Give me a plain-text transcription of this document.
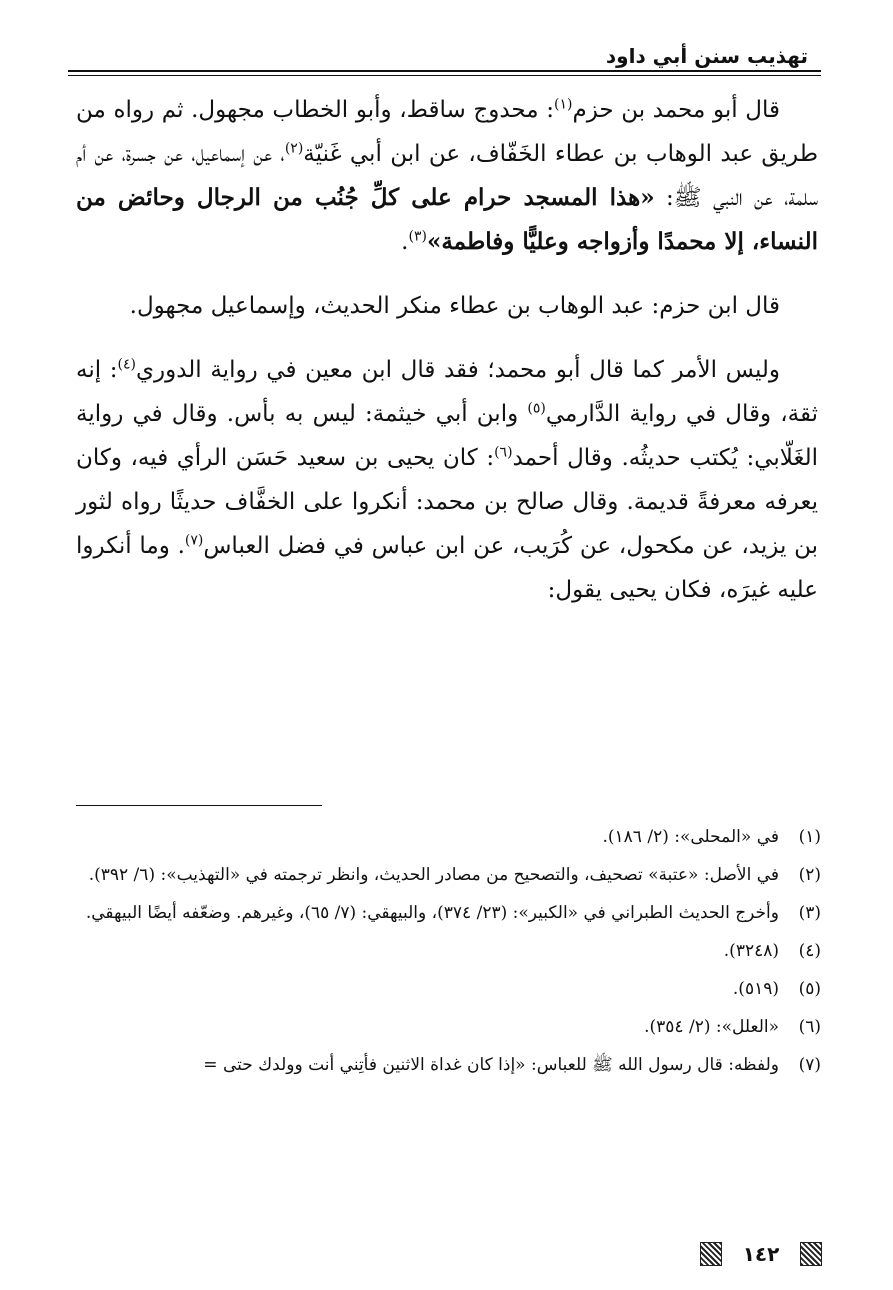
تهذيب سنن أبي داود

قال أبو محمد بن حزم$^{(١)}$: محدوج ساقط، وأبو الخطاب مجهول. ثم رواه من طريق عبد الوهاب بن عطاء الخَفّاف، عن ابن أبي غَنيّة$^{(٢)}$، عن إسماعيل، عن جسرة، عن أم سلمة، عن النبي ﷺ: «هذا المسجد حرام على كلِّ جُنُب من الرجال وحائض من النساء، إلا محمدًا وأزواجه وعليًّا وفاطمة»$^{(٣)}$.

قال ابن حزم: عبد الوهاب بن عطاء منكر الحديث، وإسماعيل مجهول.

وليس الأمر كما قال أبو محمد؛ فقد قال ابن معين في رواية الدوري$^{(٤)}$: إنه ثقة، وقال في رواية الدَّارمي$^{(٥)}$ وابن أبي خيثمة: ليس به بأس. وقال في رواية الغَلّابي: يُكتب حديثُه. وقال أحمد$^{(٦)}$: كان يحيى بن سعيد حَسَن الرأي فيه، وكان يعرفه معرفةً قديمة. وقال صالح بن محمد: أنكروا على الخفَّاف حديثًا رواه لثور بن يزيد، عن مكحول، عن كُرَيب، عن ابن عباس في فضل العباس$^{(٧)}$. وما أنكروا عليه غيرَه، فكان يحيى يقول:

(١)
في «المحلى»: (٢/ ١٨٦).
(٢)
في الأصل: «عتبة» تصحيف، والتصحيح من مصادر الحديث، وانظر ترجمته في «التهذيب»: (٦/ ٣٩٢).
(٣)
وأخرج الحديث الطبراني في «الكبير»: (٢٣/ ٣٧٤)، والبيهقي: (٧/ ٦٥)، وغيرهم. وضعّفه أيضًا البيهقي.
(٤)
(٣٢٤٨).
(٥)
(٥١٩).
(٦)
«العلل»: (٢/ ٣٥٤).
(٧)
ولفظه: قال رسول الله ﷺ للعباس: «إذا كان غداة الاثنين فأتِني أنت وولدك حتى =
١٤٢
